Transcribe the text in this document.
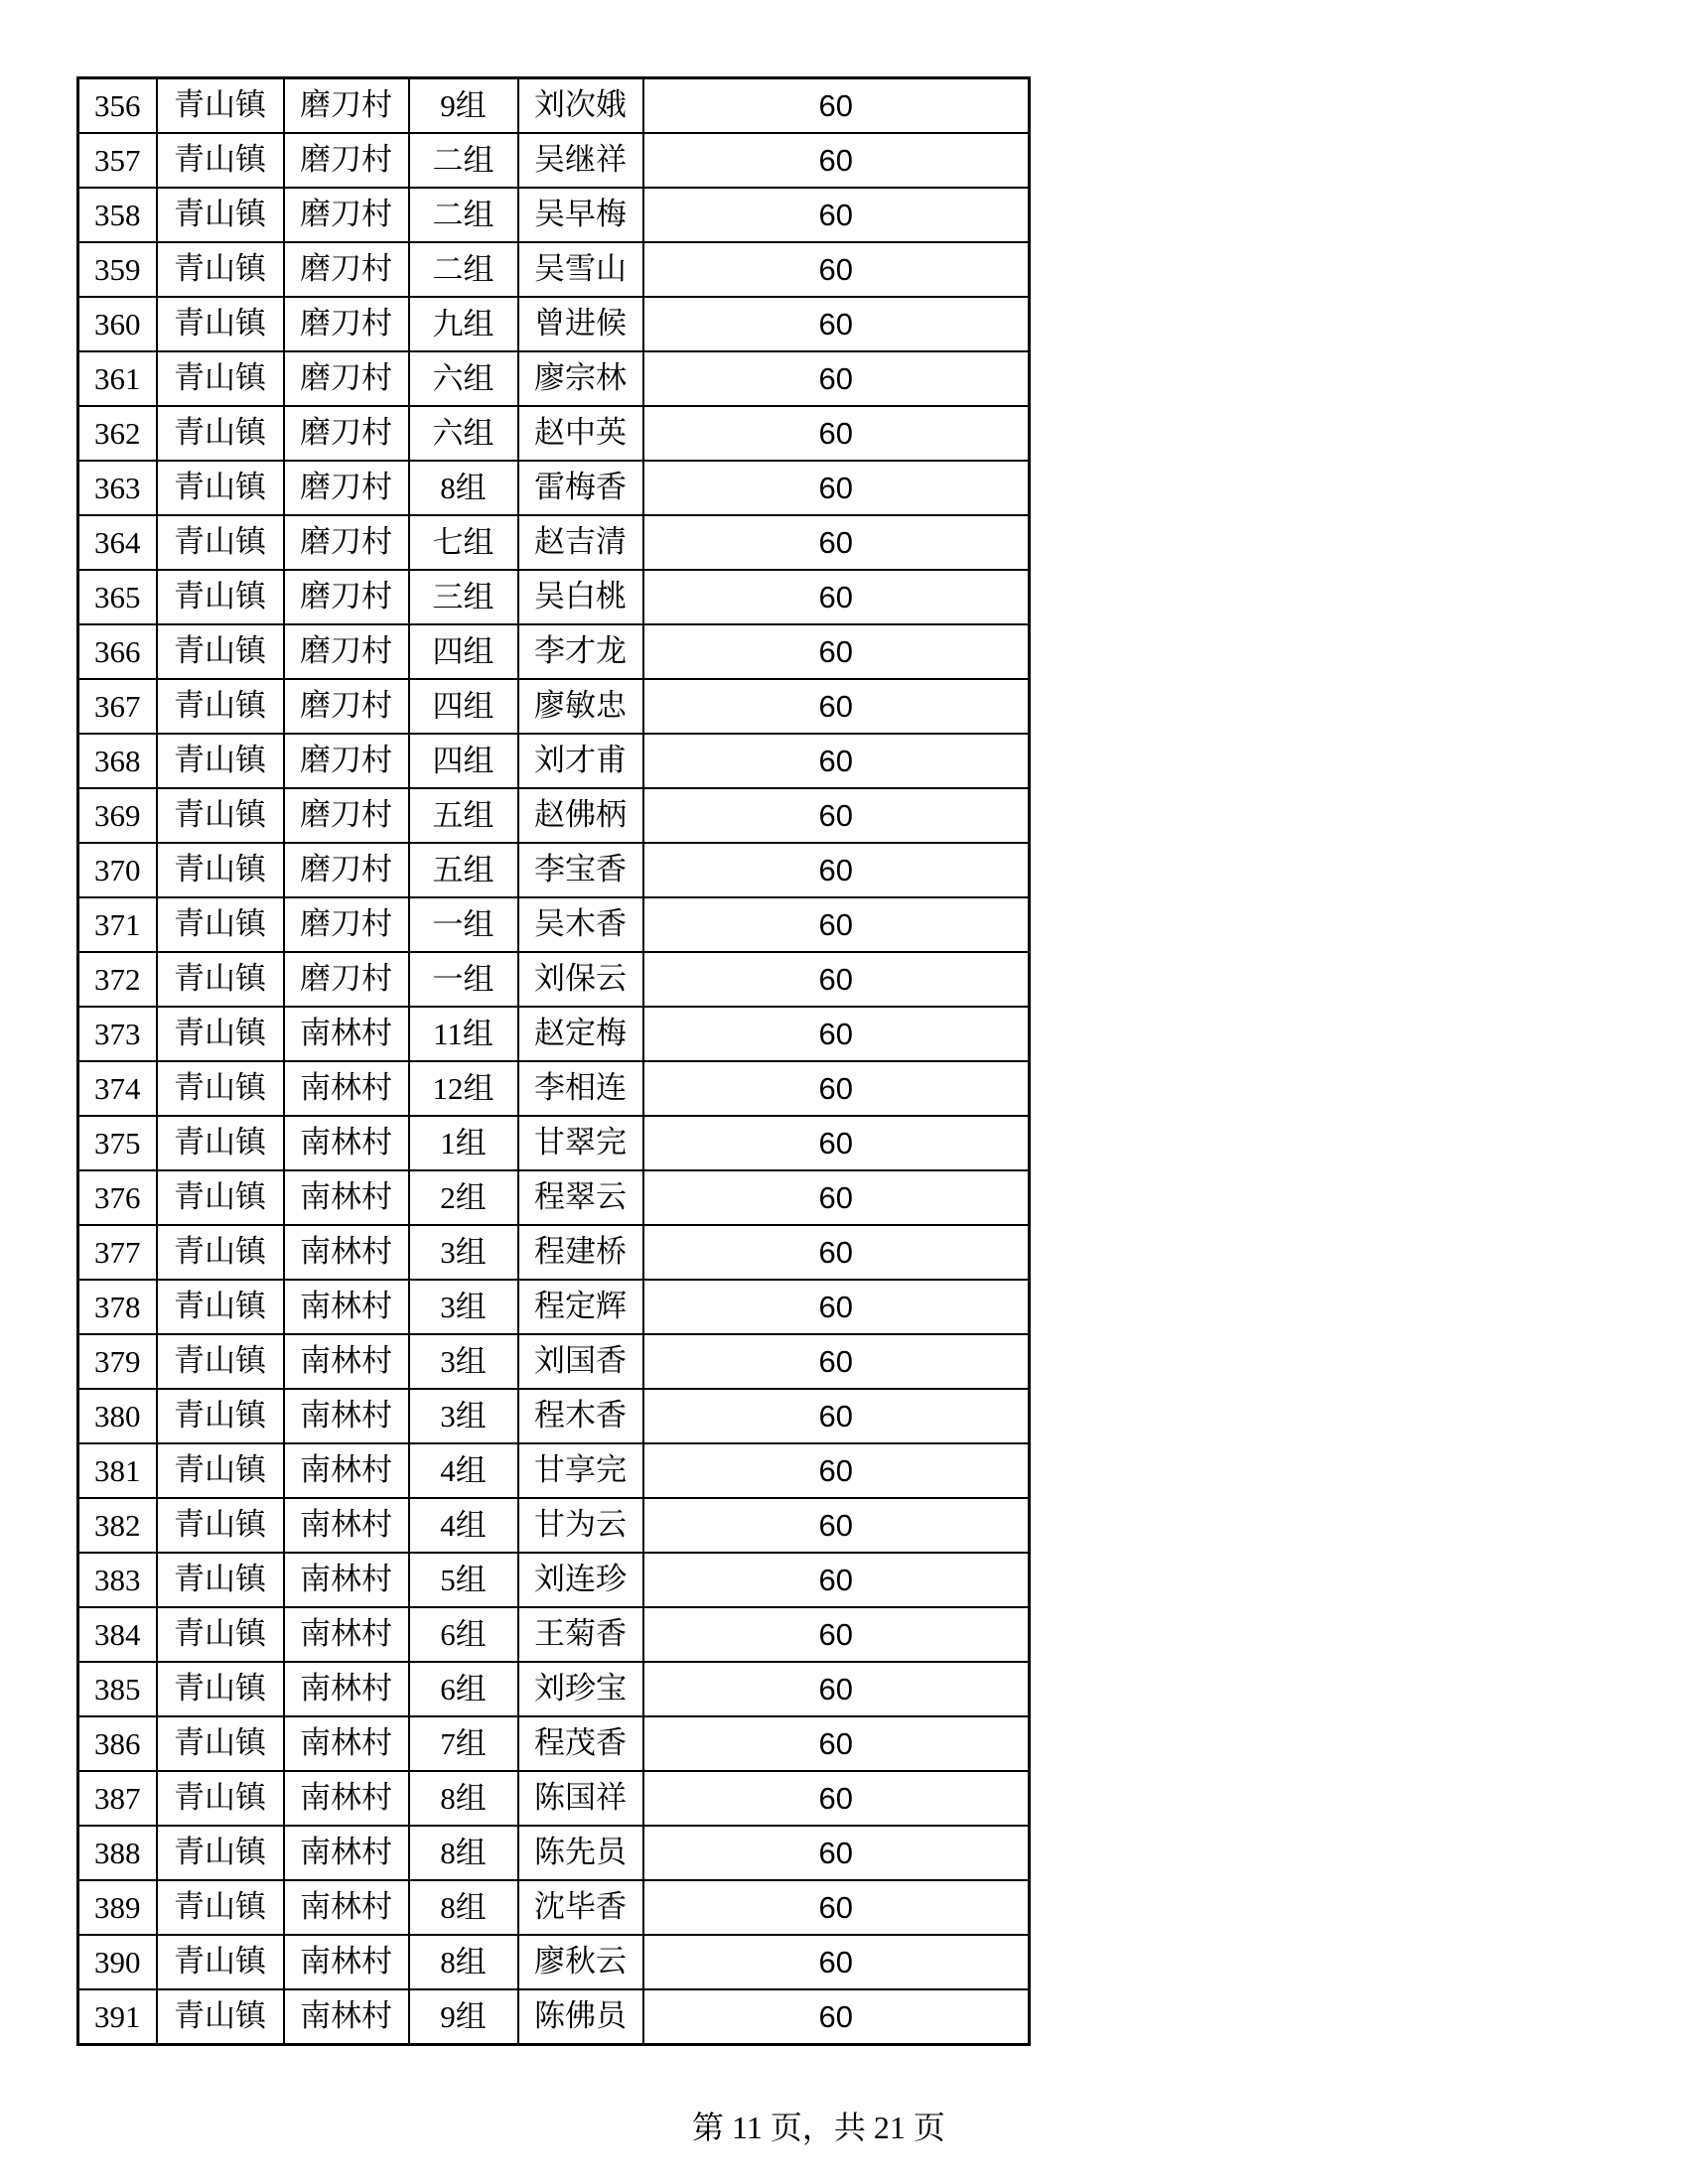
356	青山镇	磨刀村	9组	刘次娥	60
357	青山镇	磨刀村	二组	吴继祥	60
358	青山镇	磨刀村	二组	吴早梅	60
359	青山镇	磨刀村	二组	吴雪山	60
360	青山镇	磨刀村	九组	曾进候	60
361	青山镇	磨刀村	六组	廖宗林	60
362	青山镇	磨刀村	六组	赵中英	60
363	青山镇	磨刀村	8组	雷梅香	60
364	青山镇	磨刀村	七组	赵吉清	60
365	青山镇	磨刀村	三组	吴白桃	60
366	青山镇	磨刀村	四组	李才龙	60
367	青山镇	磨刀村	四组	廖敏忠	60
368	青山镇	磨刀村	四组	刘才甫	60
369	青山镇	磨刀村	五组	赵佛柄	60
370	青山镇	磨刀村	五组	李宝香	60
371	青山镇	磨刀村	一组	吴木香	60
372	青山镇	磨刀村	一组	刘保云	60
373	青山镇	南林村	11组	赵定梅	60
374	青山镇	南林村	12组	李相连	60
375	青山镇	南林村	1组	甘翠完	60
376	青山镇	南林村	2组	程翠云	60
377	青山镇	南林村	3组	程建桥	60
378	青山镇	南林村	3组	程定辉	60
379	青山镇	南林村	3组	刘国香	60
380	青山镇	南林村	3组	程木香	60
381	青山镇	南林村	4组	甘享完	60
382	青山镇	南林村	4组	甘为云	60
383	青山镇	南林村	5组	刘连珍	60
384	青山镇	南林村	6组	王菊香	60
385	青山镇	南林村	6组	刘珍宝	60
386	青山镇	南林村	7组	程茂香	60
387	青山镇	南林村	8组	陈国祥	60
388	青山镇	南林村	8组	陈先员	60
389	青山镇	南林村	8组	沈毕香	60
390	青山镇	南林村	8组	廖秋云	60
391	青山镇	南林村	9组	陈佛员	60
第 11 页，共 21 页
